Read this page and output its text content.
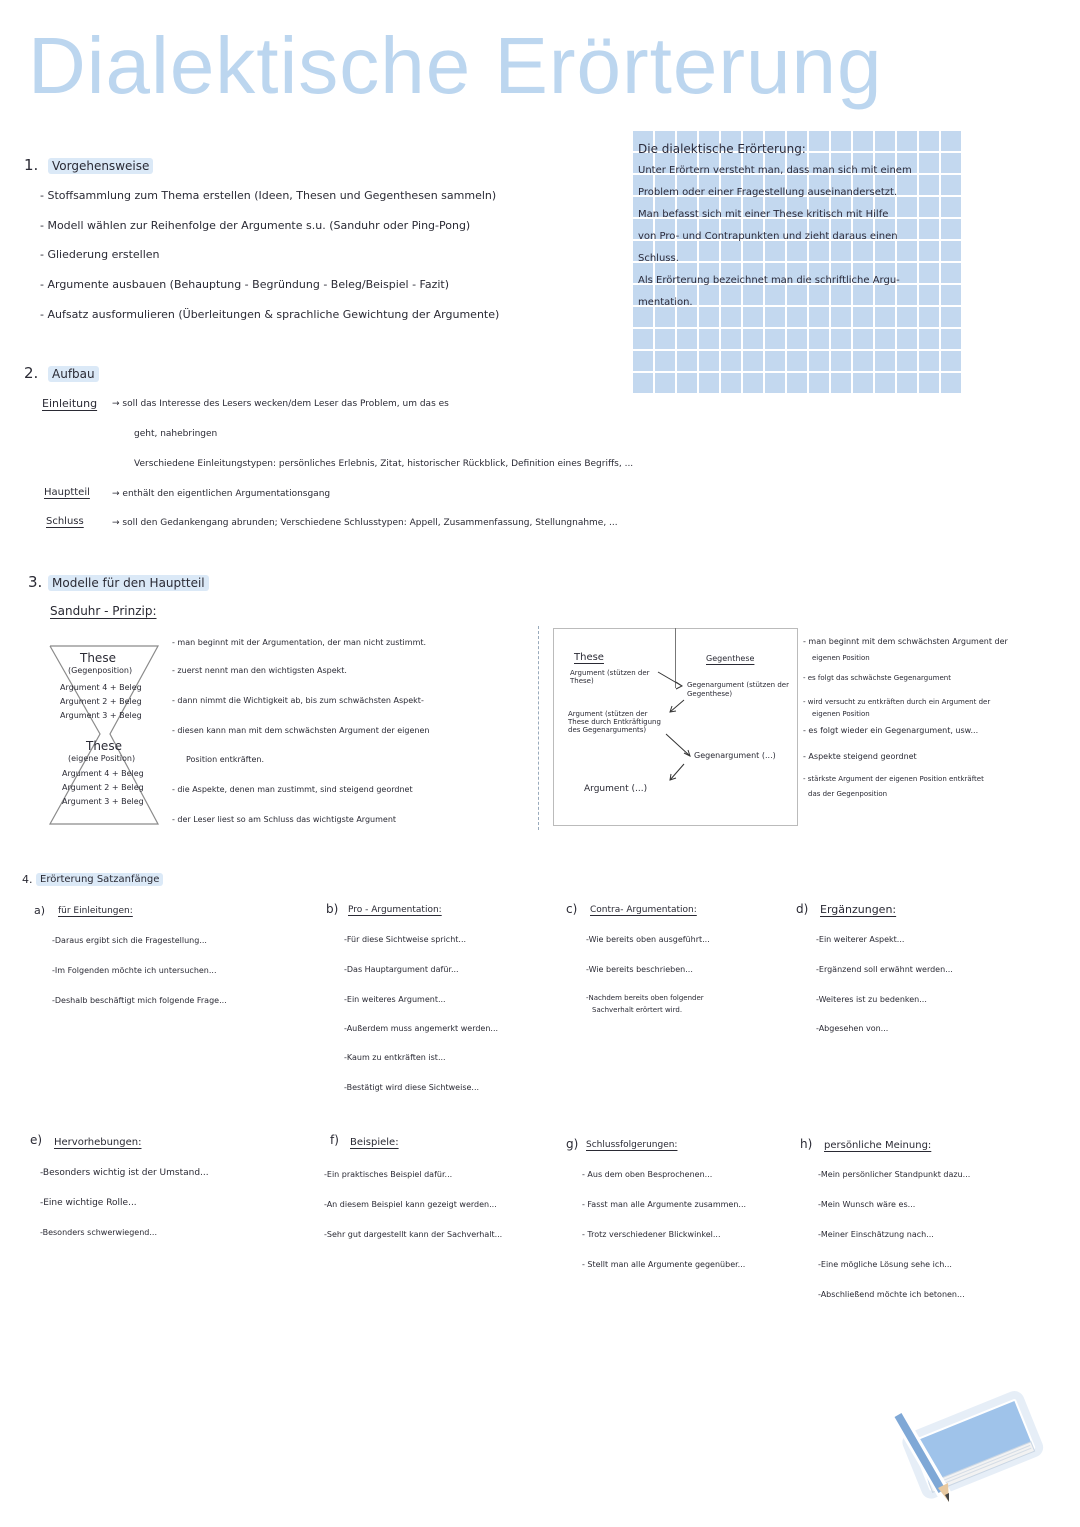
Dialektische Erörterung
1.	Vorgehensweise
- Stoffsammlung zum Thema erstellen (Ideen, Thesen und Gegenthesen sammeln)
- Modell wählen zur Reihenfolge der Argumente s.u. (Sanduhr oder Ping-Pong)
- Gliederung erstellen
- Argumente ausbauen (Behauptung - Begründung - Beleg/Beispiel - Fazit)
- Aufsatz ausformulieren (Überleitungen & sprachliche Gewichtung der Argumente)
Die dialektische Erörterung:
Unter Erörtern versteht man, dass man sich mit einem
Problem oder einer Fragestellung auseinandersetzt.
Man befasst sich mit einer These kritisch mit Hilfe
von Pro- und Contrapunkten und zieht daraus einen
Schluss.
Als Erörterung bezeichnet man die schriftliche Argu-
mentation.
2.	Aufbau
Einleitung → soll das Interesse des Lesers wecken/dem Leser das Problem, um das es
geht, nahebringen
Verschiedene Einleitungstypen: persönliches Erlebnis, Zitat, historischer Rückblick, Definition eines Begriffs, ...
Hauptteil → enthält den eigentlichen Argumentationsgang
Schluss	→ soll den Gedankengang abrunden; Verschiedene Schlusstypen: Appell, Zusammenfassung, Stellungnahme, ...
3. Modelle für den Hauptteil
Sanduhr - Prinzip:
These
(Gegenposition)
Argument 4 + Beleg
Argument 2 + Beleg
Argument 3 + Beleg
These
(eigene Position)
Argument 4 + Beleg
Argument 2 + Beleg
Argument 3 + Beleg
- man beginnt mit der Argumentation, der man nicht zustimmt.
- zuerst nennt man den wichtigsten Aspekt.
- dann nimmt die Wichtigkeit ab, bis zum schwächsten Aspekt-
- diesen kann man mit dem schwächsten Argument der eigenen
Position entkräften.
- die Aspekte, denen man zustimmt, sind steigend geordnet
- der Leser liest so am Schluss das wichtigste Argument
These	Gegenthese
Argument (stützen der These)	Gegenargument (stützen der Gegenthese)
Argument (stützen der These durch Entkräftigung des Gegenarguments)
Gegenargument (...)
Argument (...)
- man beginnt mit dem schwächsten Argument der
eigenen Position
- es folgt das schwächste Gegenargument
- wird versucht zu entkräften durch ein Argument der
eigenen Position
- es folgt wieder ein Gegenargument, usw...
- Aspekte steigend geordnet
- stärkste Argument der eigenen Position entkräftet
das der Gegenposition
4. Erörterung Satzanfänge
a) für Einleitungen:
-Daraus ergibt sich die Fragestellung...
-Im Folgenden möchte ich untersuchen...
-Deshalb beschäftigt mich folgende Frage...
b) Pro - Argumentation:
-Für diese Sichtweise spricht...
-Das Hauptargument dafür...
-Ein weiteres Argument...
-Außerdem muss angemerkt werden...
-Kaum zu entkräften ist...
-Bestätigt wird diese Sichtweise...
c) Contra- Argumentation:
-Wie bereits oben ausgeführt...
-Wie bereits beschrieben...
-Nachdem bereits oben folgender
Sachverhalt erörtert wird.
d) Ergänzungen:
-Ein weiterer Aspekt...
-Ergänzend soll erwähnt werden...
-Weiteres ist zu bedenken...
-Abgesehen von...
e) Hervorhebungen:
-Besonders wichtig ist der Umstand...
-Eine wichtige Rolle...
-Besonders schwerwiegend...
f) Beispiele:
-Ein praktisches Beispiel dafür...
-An diesem Beispiel kann gezeigt werden...
-Sehr gut dargestellt kann der Sachverhalt...
g) Schlussfolgerungen:
- Aus dem oben Besprochenen...
- Fasst man alle Argumente zusammen...
- Trotz verschiedener Blickwinkel...
- Stellt man alle Argumente gegenüber...
h) persönliche Meinung:
-Mein persönlicher Standpunkt dazu...
-Mein Wunsch wäre es...
-Meiner Einschätzung nach...
-Eine mögliche Lösung sehe ich...
-Abschließend möchte ich betonen...
